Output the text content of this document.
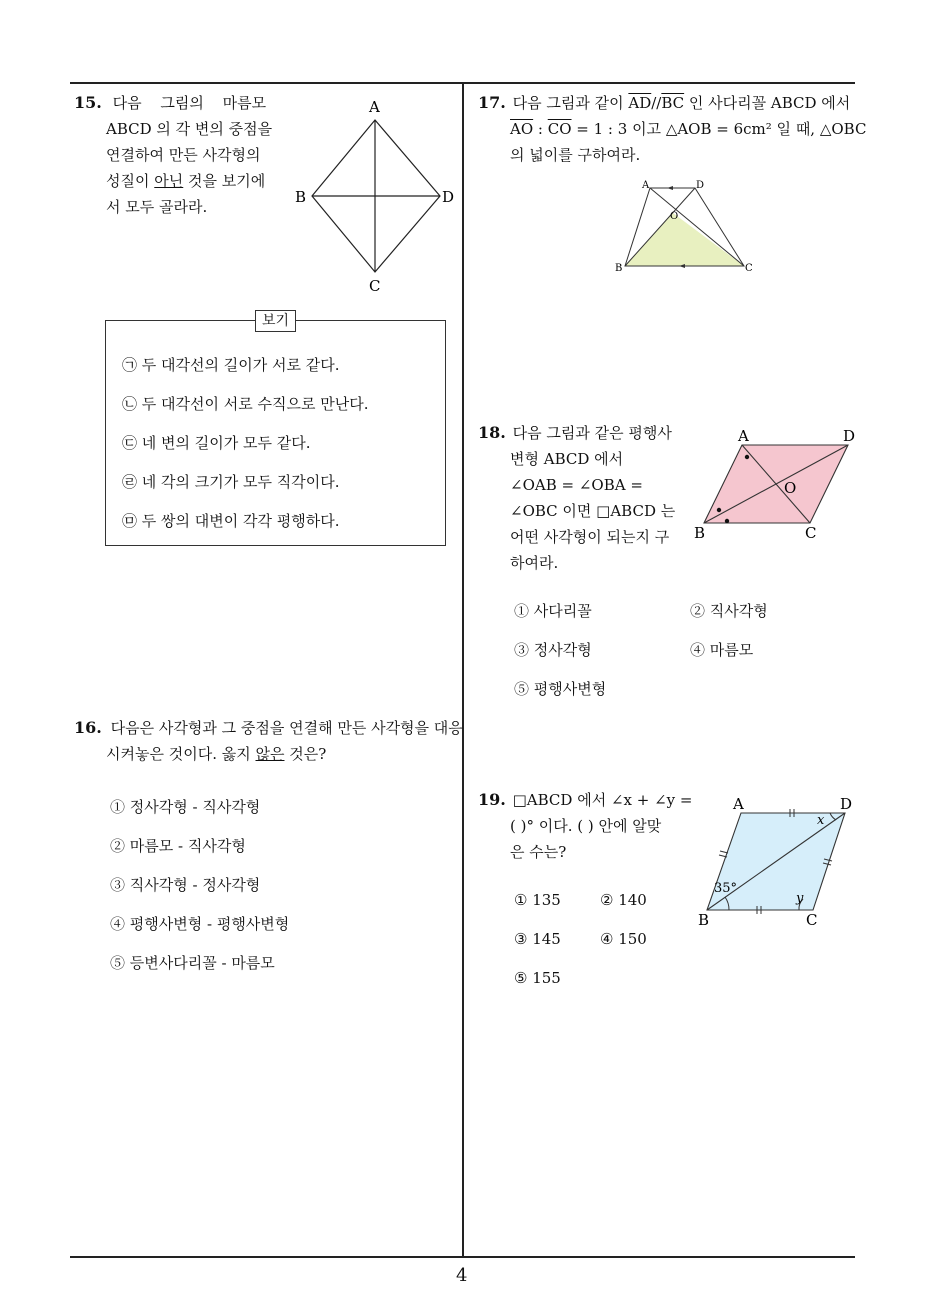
4
15. 다음 그림의 마름모
ABCD 의 각 변의 중점을
연결하여 만든 사각형의
성질이 아닌 것을 보기에
서 모두 골라라.
A
B
C
D
보기
㉠ 두 대각선의 길이가 서로 같다.
㉡ 두 대각선이 서로 수직으로 만난다.
㉢ 네 변의 길이가 모두 같다.
㉣ 네 각의 크기가 모두 직각이다.
㉤ 두 쌍의 대변이 각각 평행하다.
16. 다음은 사각형과 그 중점을 연결해 만든 사각형을 대응
시켜놓은 것이다. 옳지 않은 것은?
① 정사각형 - 직사각형
② 마름모 - 직사각형
③ 직사각형 - 정사각형
④ 평행사변형 - 평행사변형
⑤ 등변사다리꼴 - 마름모
17. 다음 그림과 같이 $\overline{AD}//\overline{BC}$ 인 사다리꼴 ABCD 에서
$\overline{AO}$ : $\overline{CO} = 1$ : 3 이고 △AOB = 6cm² 일 때, △OBC
의 넓이를 구하여라.
A	D
O
B	C
18. 다음 그림과 같은 평행사
변형 ABCD 에서
∠OAB = ∠OBA =
∠OBC 이면 □ABCD 는
어떤 사각형이 되는지 구
하여라.
A	D
O
B	C
① 사다리꼴	② 직사각형
③ 정사각형	④ 마름모
⑤ 평행사변형
19. □ABCD 에서 ∠x + ∠y =
( )° 이다. ( ) 안에 알맞
은 수는?
A	D
B	C
x
y
35°
① 135	② 140
③ 145	④ 150
⑤ 155
